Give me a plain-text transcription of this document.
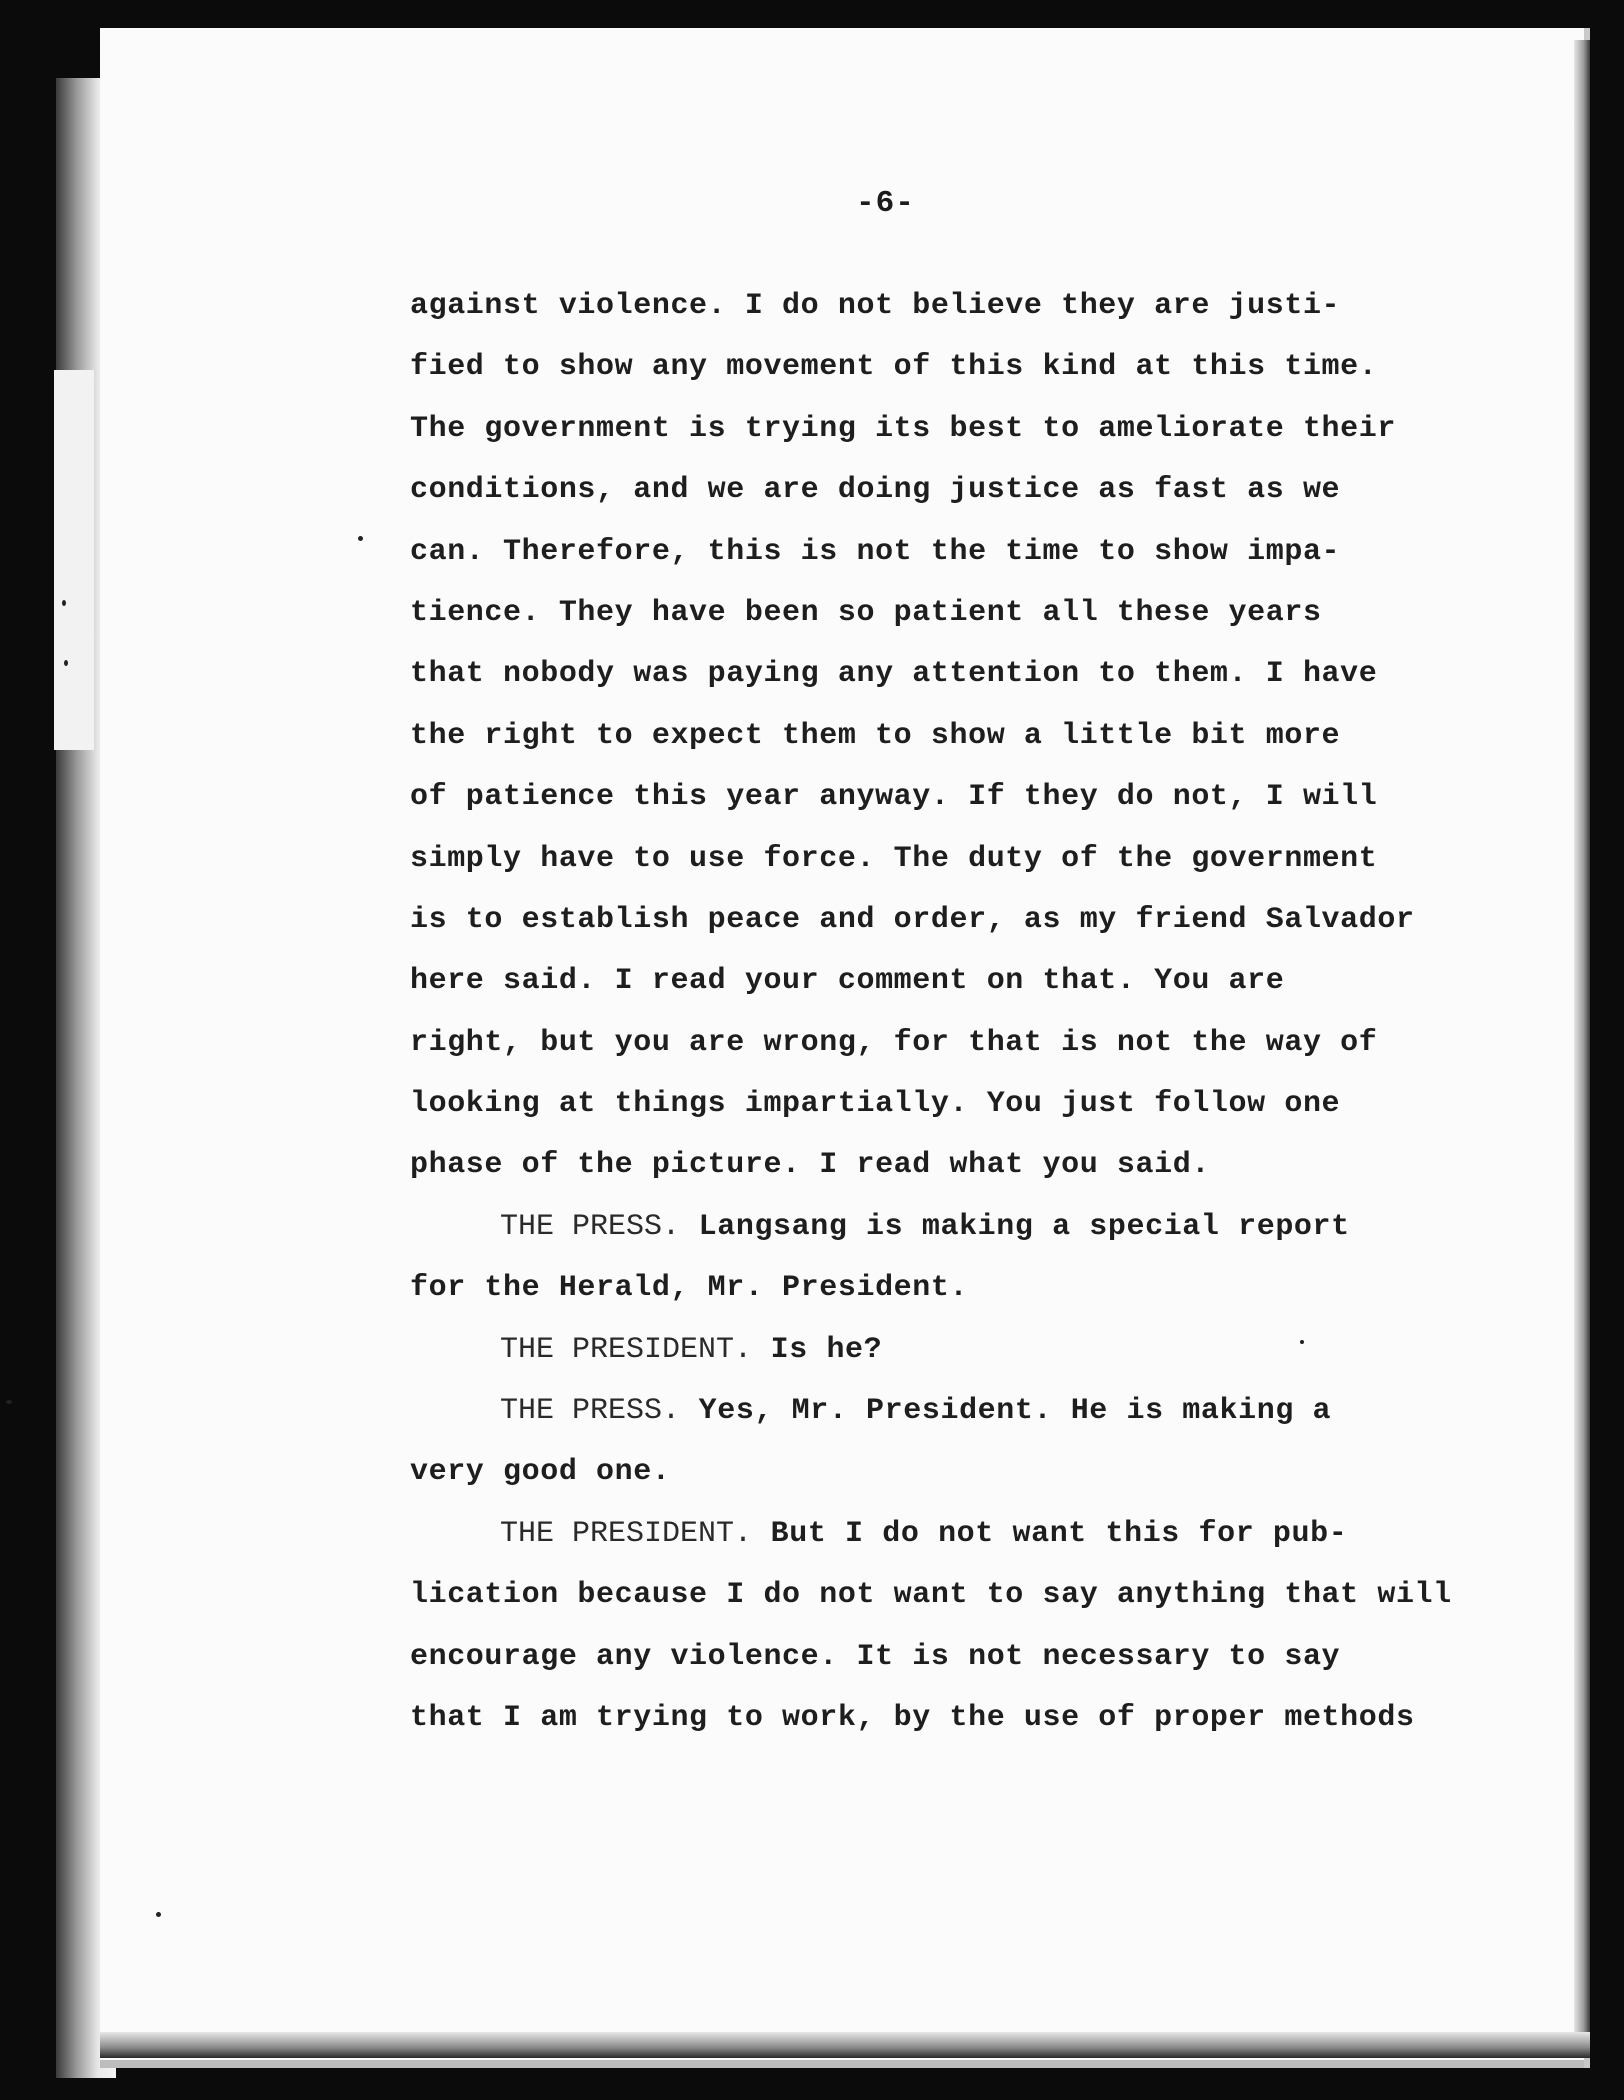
-6-
against violence. I do not believe they are justi-
fied to show any movement of this kind at this time.
The government is trying its best to ameliorate their
conditions, and we are doing justice as fast as we
can. Therefore, this is not the time to show impa-
tience. They have been so patient all these years
that nobody was paying any attention to them. I have
the right to expect them to show a little bit more
of patience this year anyway. If they do not, I will
simply have to use force. The duty of the government
is to establish peace and order, as my friend Salvador
here said. I read your comment on that. You are
right, but you are wrong, for that is not the way of
looking at things impartially. You just follow one
phase of the picture. I read what you said.
THE PRESS. Langsang is making a special report
for the Herald, Mr. President.
THE PRESIDENT. Is he?
THE PRESS. Yes, Mr. President. He is making a
very good one.
THE PRESIDENT. But I do not want this for pub-
lication because I do not want to say anything that will
encourage any violence. It is not necessary to say
that I am trying to work, by the use of proper methods
